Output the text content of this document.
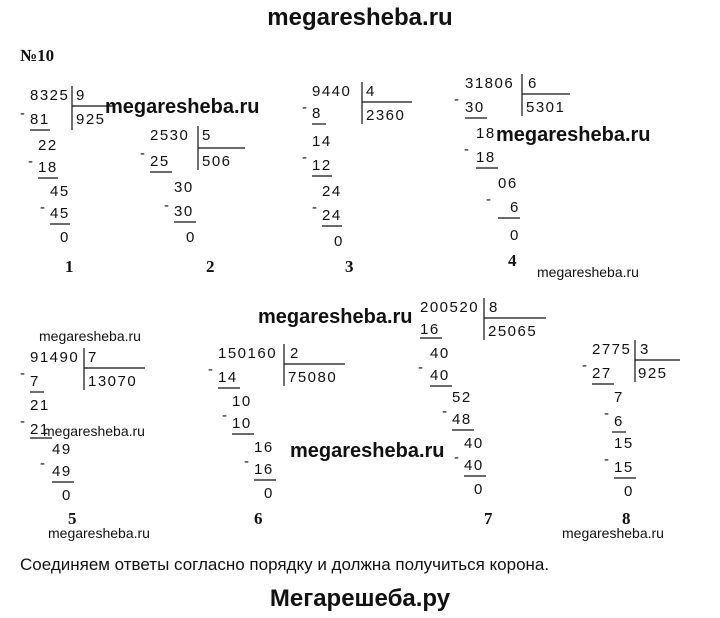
megaresheba.ru
№10
8325 9
925
- 81
22
- 18
45
- 45
0
1
2530 5
506
- 25
30
- 30
0
2
9440 4
2360
- 8
14
- 12
24
- 24
0
3
31806 6
5301
- 30
18
- 18
06
- 6
0
4
91490 7
13070
- 7
21
- 21
49
- 49
0
5
150160 2
75080
- 14
10
- 10
16
- 16
0
6
200520 8
25065
16
40
- 40
52
- 48
40
- 40
0
7
2775 3
925
- 27
7
- 6
15
- 15
0
8
megaresheba.ru
megaresheba.ru
megaresheba.ru
megaresheba.ru
megaresheba.ru
megaresheba.ru
megaresheba.ru
megaresheba.ru	megaresheba.ru
Соединяем ответы согласно порядку и должна получиться корона.
Мегарешеба.ру
